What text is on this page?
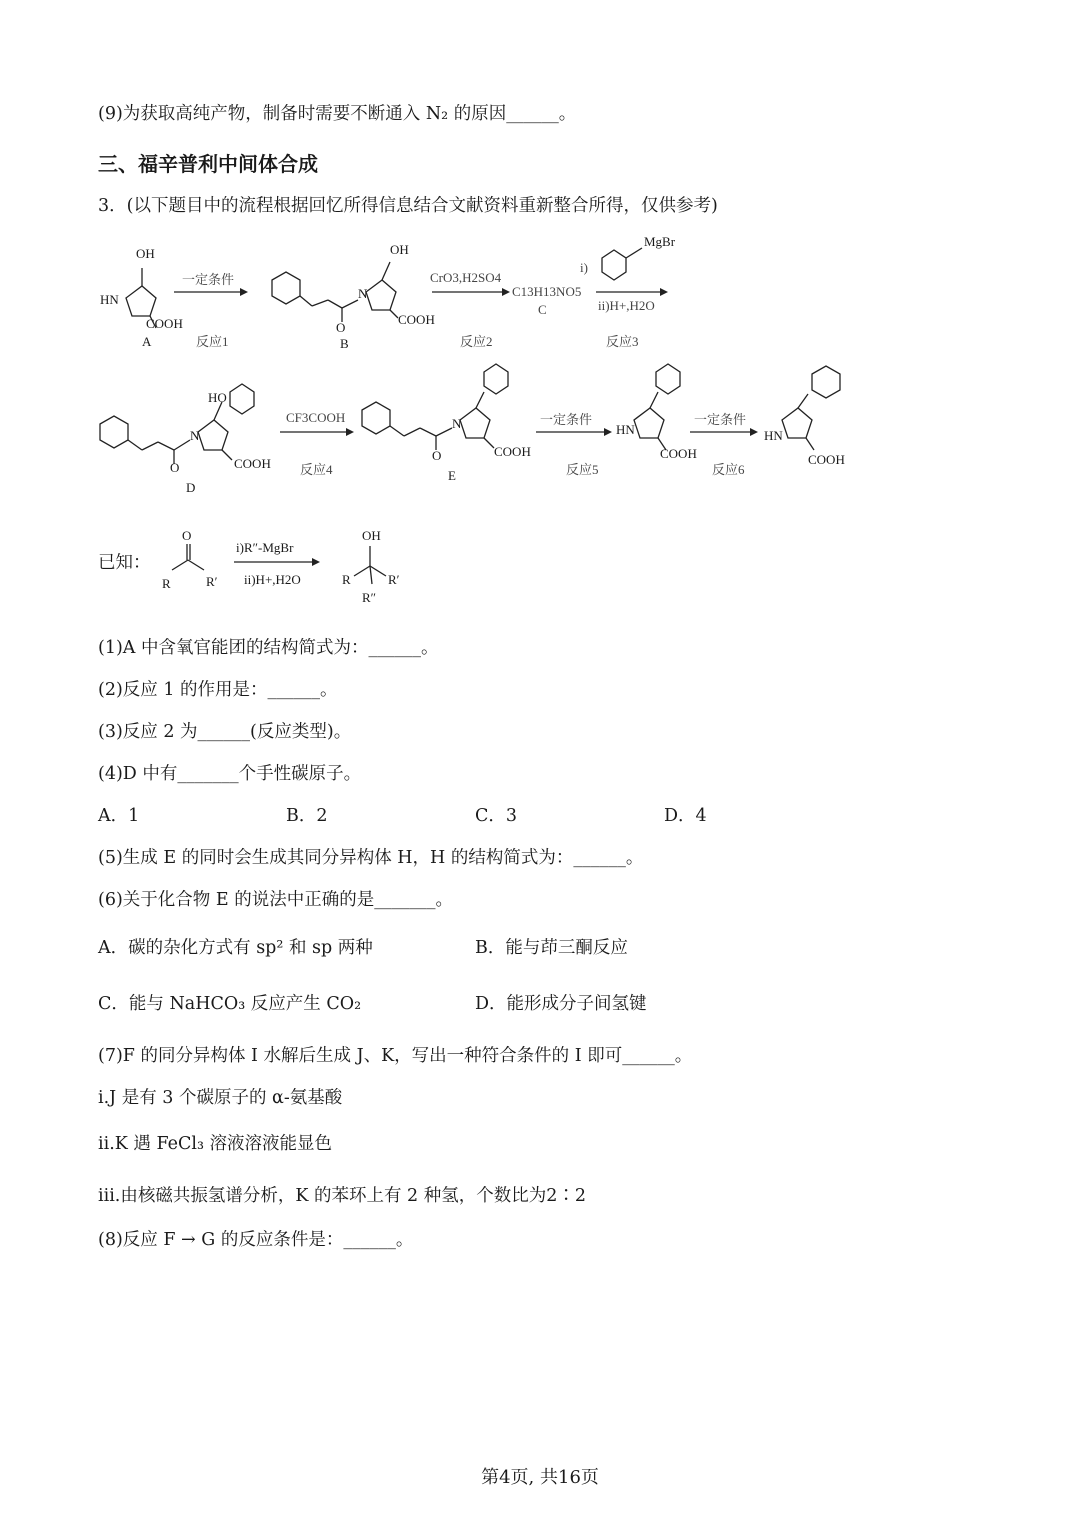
(9)为获取高纯产物，制备时需要不断通入 N₂ 的原因______。
三、福辛普利中间体合成
3．(以下题目中的流程根据回忆所得信息结合文献资料重新整合所得，仅供参考)
OH
HN
COOH
A
一定条件
反应1
OH
N
O
COOH
B
CrO3,H2SO4
反应2
C13H13NO5
C
MgBr
i)
ii)H+,H2O
反应3
HO
N
O	COOH
D
CF3COOH
反应4
N
O	COOH
E
一定条件
反应5
HN
COOH
一定条件
反应6
HN
COOH
已知：
O
R	R′
i)R″-MgBr
ii)H+,H2O
OH
R	R′
R″
(1)A 中含氧官能团的结构简式为：______。
(2)反应 1 的作用是：______。
(3)反应 2 为______(反应类型)。
(4)D 中有_______个手性碳原子。
A．1	B．2	C．3	D．4
(5)生成 E 的同时会生成其同分异构体 H，H 的结构简式为：______。
(6)关于化合物 E 的说法中正确的是_______。
A．碳的杂化方式有 sp² 和 sp 两种	B．能与茚三酮反应
C．能与 NaHCO₃ 反应产生 CO₂	D．能形成分子间氢键
(7)F 的同分异构体 I 水解后生成 J、K，写出一种符合条件的 I 即可______。
i.J 是有 3 个碳原子的 α-氨基酸
ii.K 遇 FeCl₃ 溶液溶液能显色
iii.由核磁共振氢谱分析，K 的苯环上有 2 种氢，个数比为2∶2
(8)反应 F → G 的反应条件是：______。
第4页, 共16页
